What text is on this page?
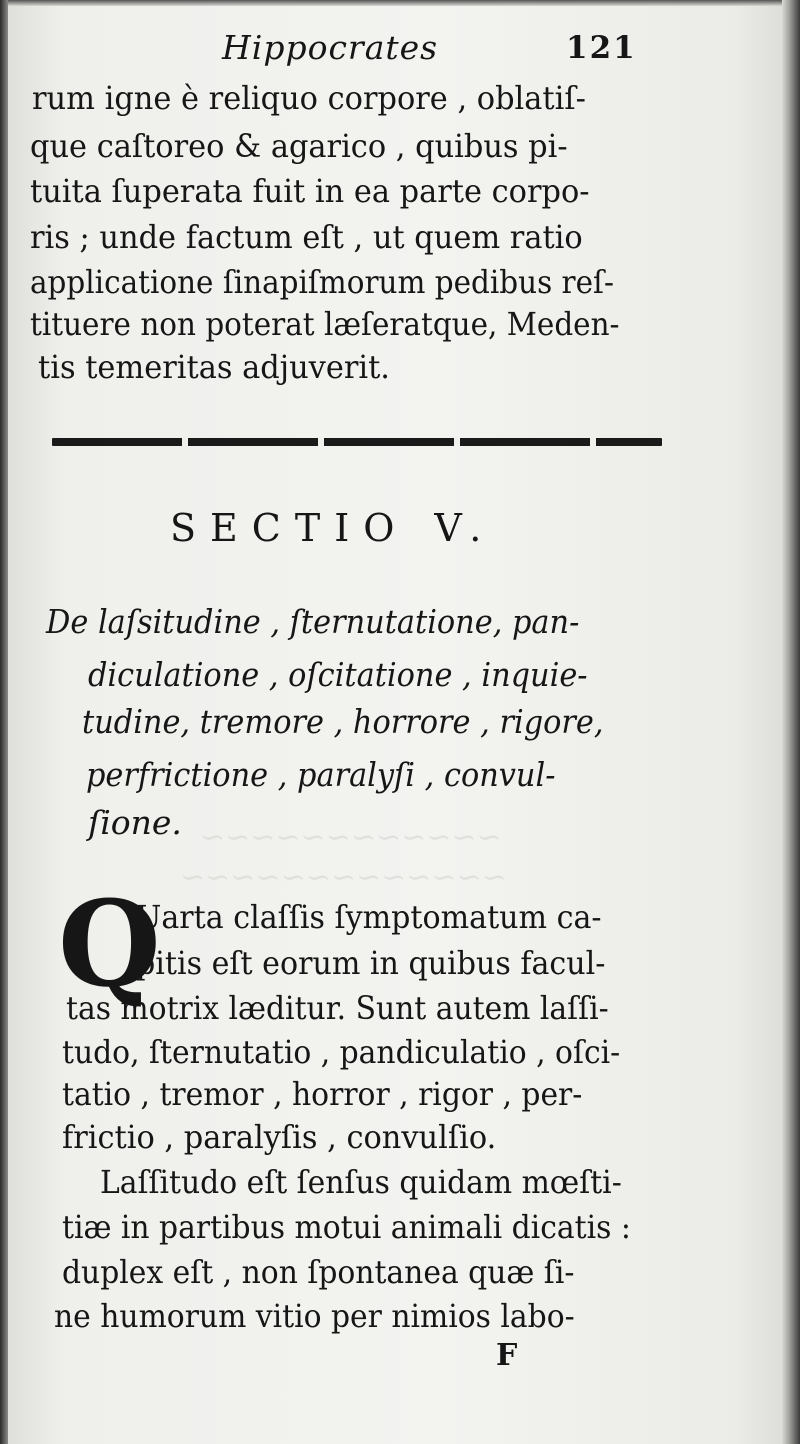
∼∼∼∼∼∼∼∼∼∼∼∼
∼∼∼∼∼∼∼∼∼∼∼∼∼
Hippocrates	121
rum igne è reliquo corpore , oblatiſ-
que caſtoreo & agarico , quibus pi-
tuita ſuperata fuit in ea parte corpo-
ris ; unde factum eſt , ut quem ratio
applicatione ſinapiſmorum pedibus reſ-
tituere non poterat læſeratque, Meden-
tis temeritas adjuverit.
SECTIO V.
De laſsitudine , ſternutatione, pan-
diculatione , oſcitatione , inquie-
tudine, tremore , horrore , rigore,
perfrictione , paralyſi , convul-
ſione.
Q
Uarta claſſis ſymptomatum ca-
pitis eſt eorum in quibus facul-
tas motrix læditur. Sunt autem laſſi-
tudo, ſternutatio , pandiculatio , oſci-
tatio , tremor , horror , rigor , per-
frictio , paralyſis , convulſio.
Laſſitudo eſt ſenſus quidam mœſti-
tiæ in partibus motui animali dicatis :
duplex eſt , non ſpontanea quæ ſi-
ne humorum vitio per nimios labo-
F
